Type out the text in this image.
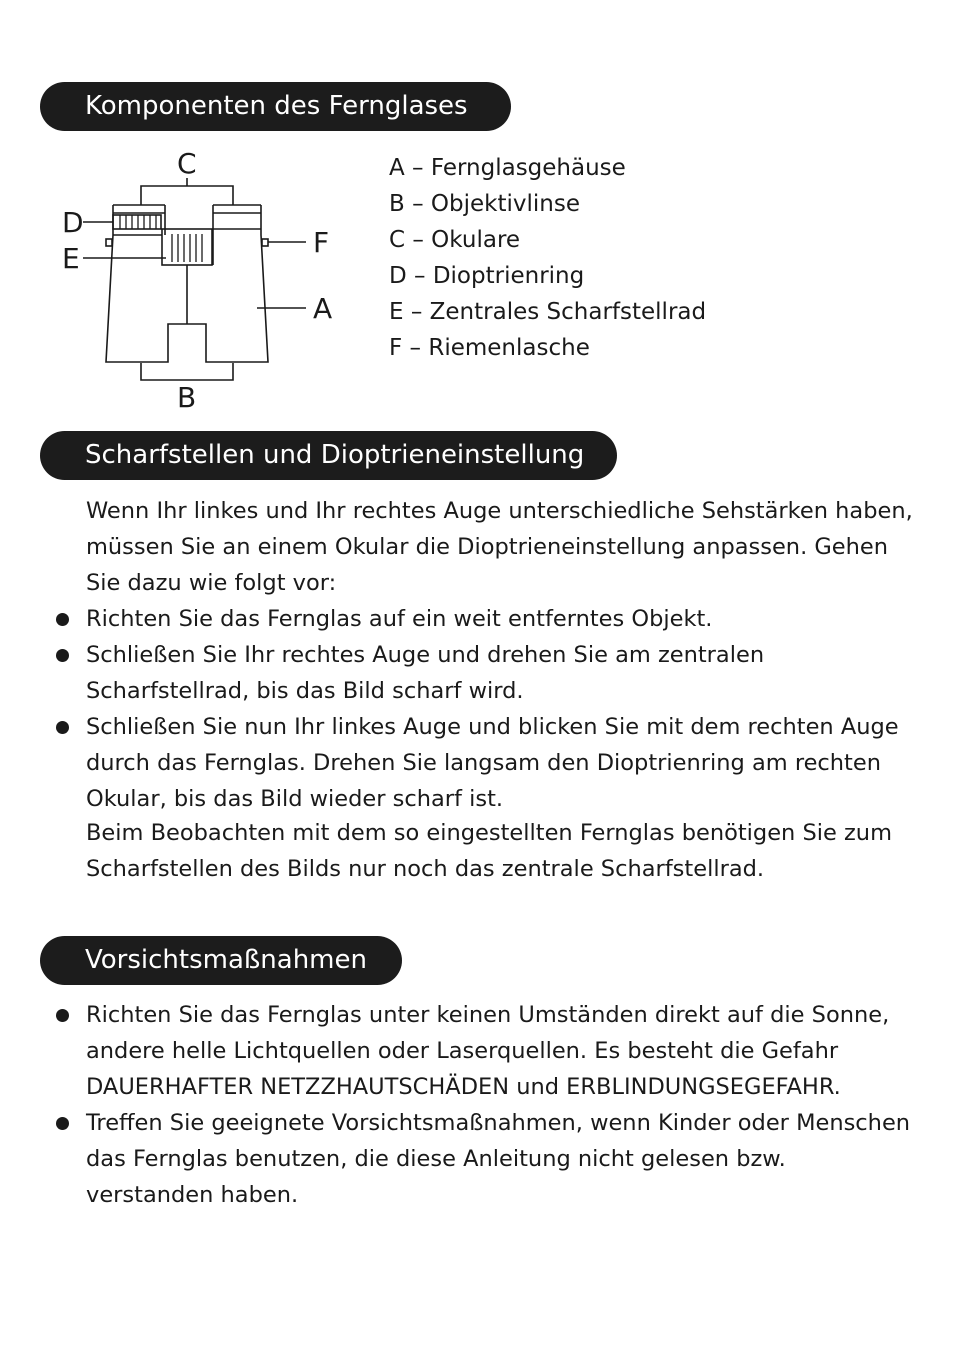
Komponenten des Fernglases
C
D
E	F
A
B
A – Fernglasgehäuse
B – Objektivlinse
C – Okulare
D – Dioptrienring
E – Zentrales Scharfstellrad
F – Riemenlasche
Scharfstellen und Dioptrieneinstellung

Wenn Ihr linkes und Ihr rechtes Auge unterschiedliche Sehstärken haben, müssen Sie an einem Okular die Dioptrieneinstellung anpassen. Gehen Sie dazu wie folgt vor:

Richten Sie das Fernglas auf ein weit entferntes Objekt.
Schließen Sie Ihr rechtes Auge und drehen Sie am zentralen Scharfstellrad, bis das Bild scharf wird.
Schließen Sie nun Ihr linkes Auge und blicken Sie mit dem rechten Auge durch das Fernglas. Drehen Sie langsam den Dioptrienring am rechten Okular, bis das Bild wieder scharf ist.

Beim Beobachten mit dem so eingestellten Fernglas benötigen Sie zum Scharfstellen des Bilds nur noch das zentrale Scharfstellrad.

Vorsichtsmaßnahmen
Richten Sie das Fernglas unter keinen Umständen direkt auf die Sonne, andere helle Lichtquellen oder Laserquellen. Es besteht die Gefahr DAUERHAFTER NETZZHAUTSCHÄDEN und ERBLINDUNGSEGEFAHR.
Treffen Sie geeignete Vorsichtsmaßnahmen, wenn Kinder oder Menschen das Fernglas benutzen, die diese Anleitung nicht gelesen bzw. verstanden haben.
